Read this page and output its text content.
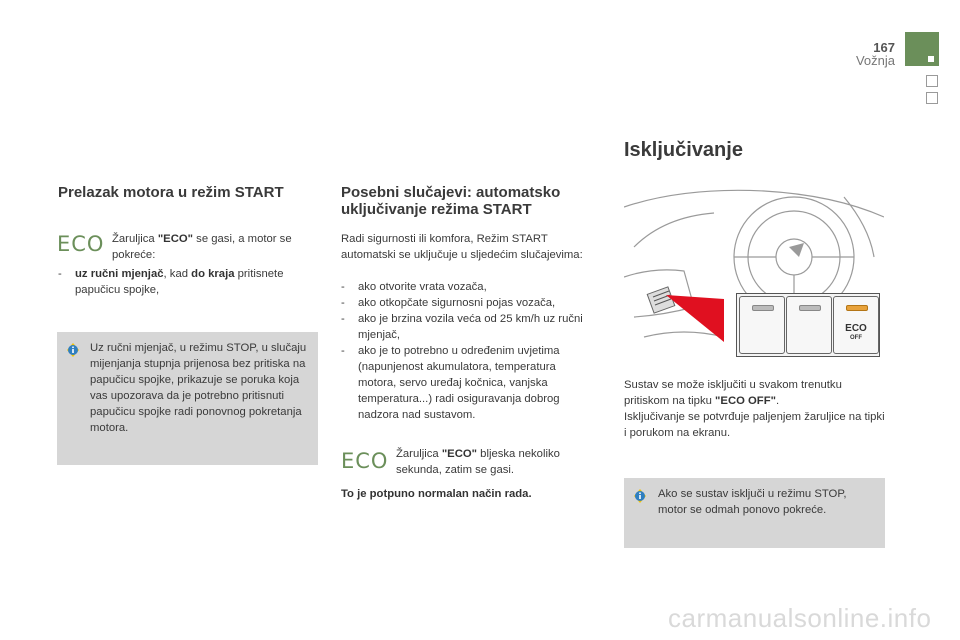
167
Vožnja
Prelazak motora u režim START
ECO Žaruljica "ECO" se gasi, a motor se pokreće:
- uz ručni mjenjač, kad do kraja pritisnete papučicu spojke,
Uz ručni mjenjač, u režimu STOP, u slučaju mijenjanja stupnja prijenosa bez pritiska na papučicu spojke, prikazuje se poruka koja vas upozorava da je potrebno pritisnuti papučicu spojke radi ponovnog pokretanja motora.
Posebni slučajevi: automatsko uključivanje režima START
Radi sigurnosti ili komfora, Režim START automatski se uključuje u sljedećim slučajevima:
- ako otvorite vrata vozača,
- ako otkopčate sigurnosni pojas vozača,
- ako je brzina vozila veća od 25 km/h uz ručni mjenjač,
- ako je to potrebno u određenim uvjetima (napunjenost akumulatora, temperatura motora, servo uređaj kočnica, vanjska temperatura...) radi osiguravanja dobrog nadzora nad sustavom.
ECO Žaruljica "ECO" bljeska nekoliko sekunda, zatim se gasi.
To je potpuno normalan način rada.
Isključivanje
ECO
OFF
Sustav se može isključiti u svakom trenutku pritiskom na tipku "ECO OFF".
Isključivanje se potvrđuje paljenjem žaruljice na tipki i porukom na ekranu.
Ako se sustav isključi u režimu STOP, motor se odmah ponovo pokreće.
carmanualsonline.info
